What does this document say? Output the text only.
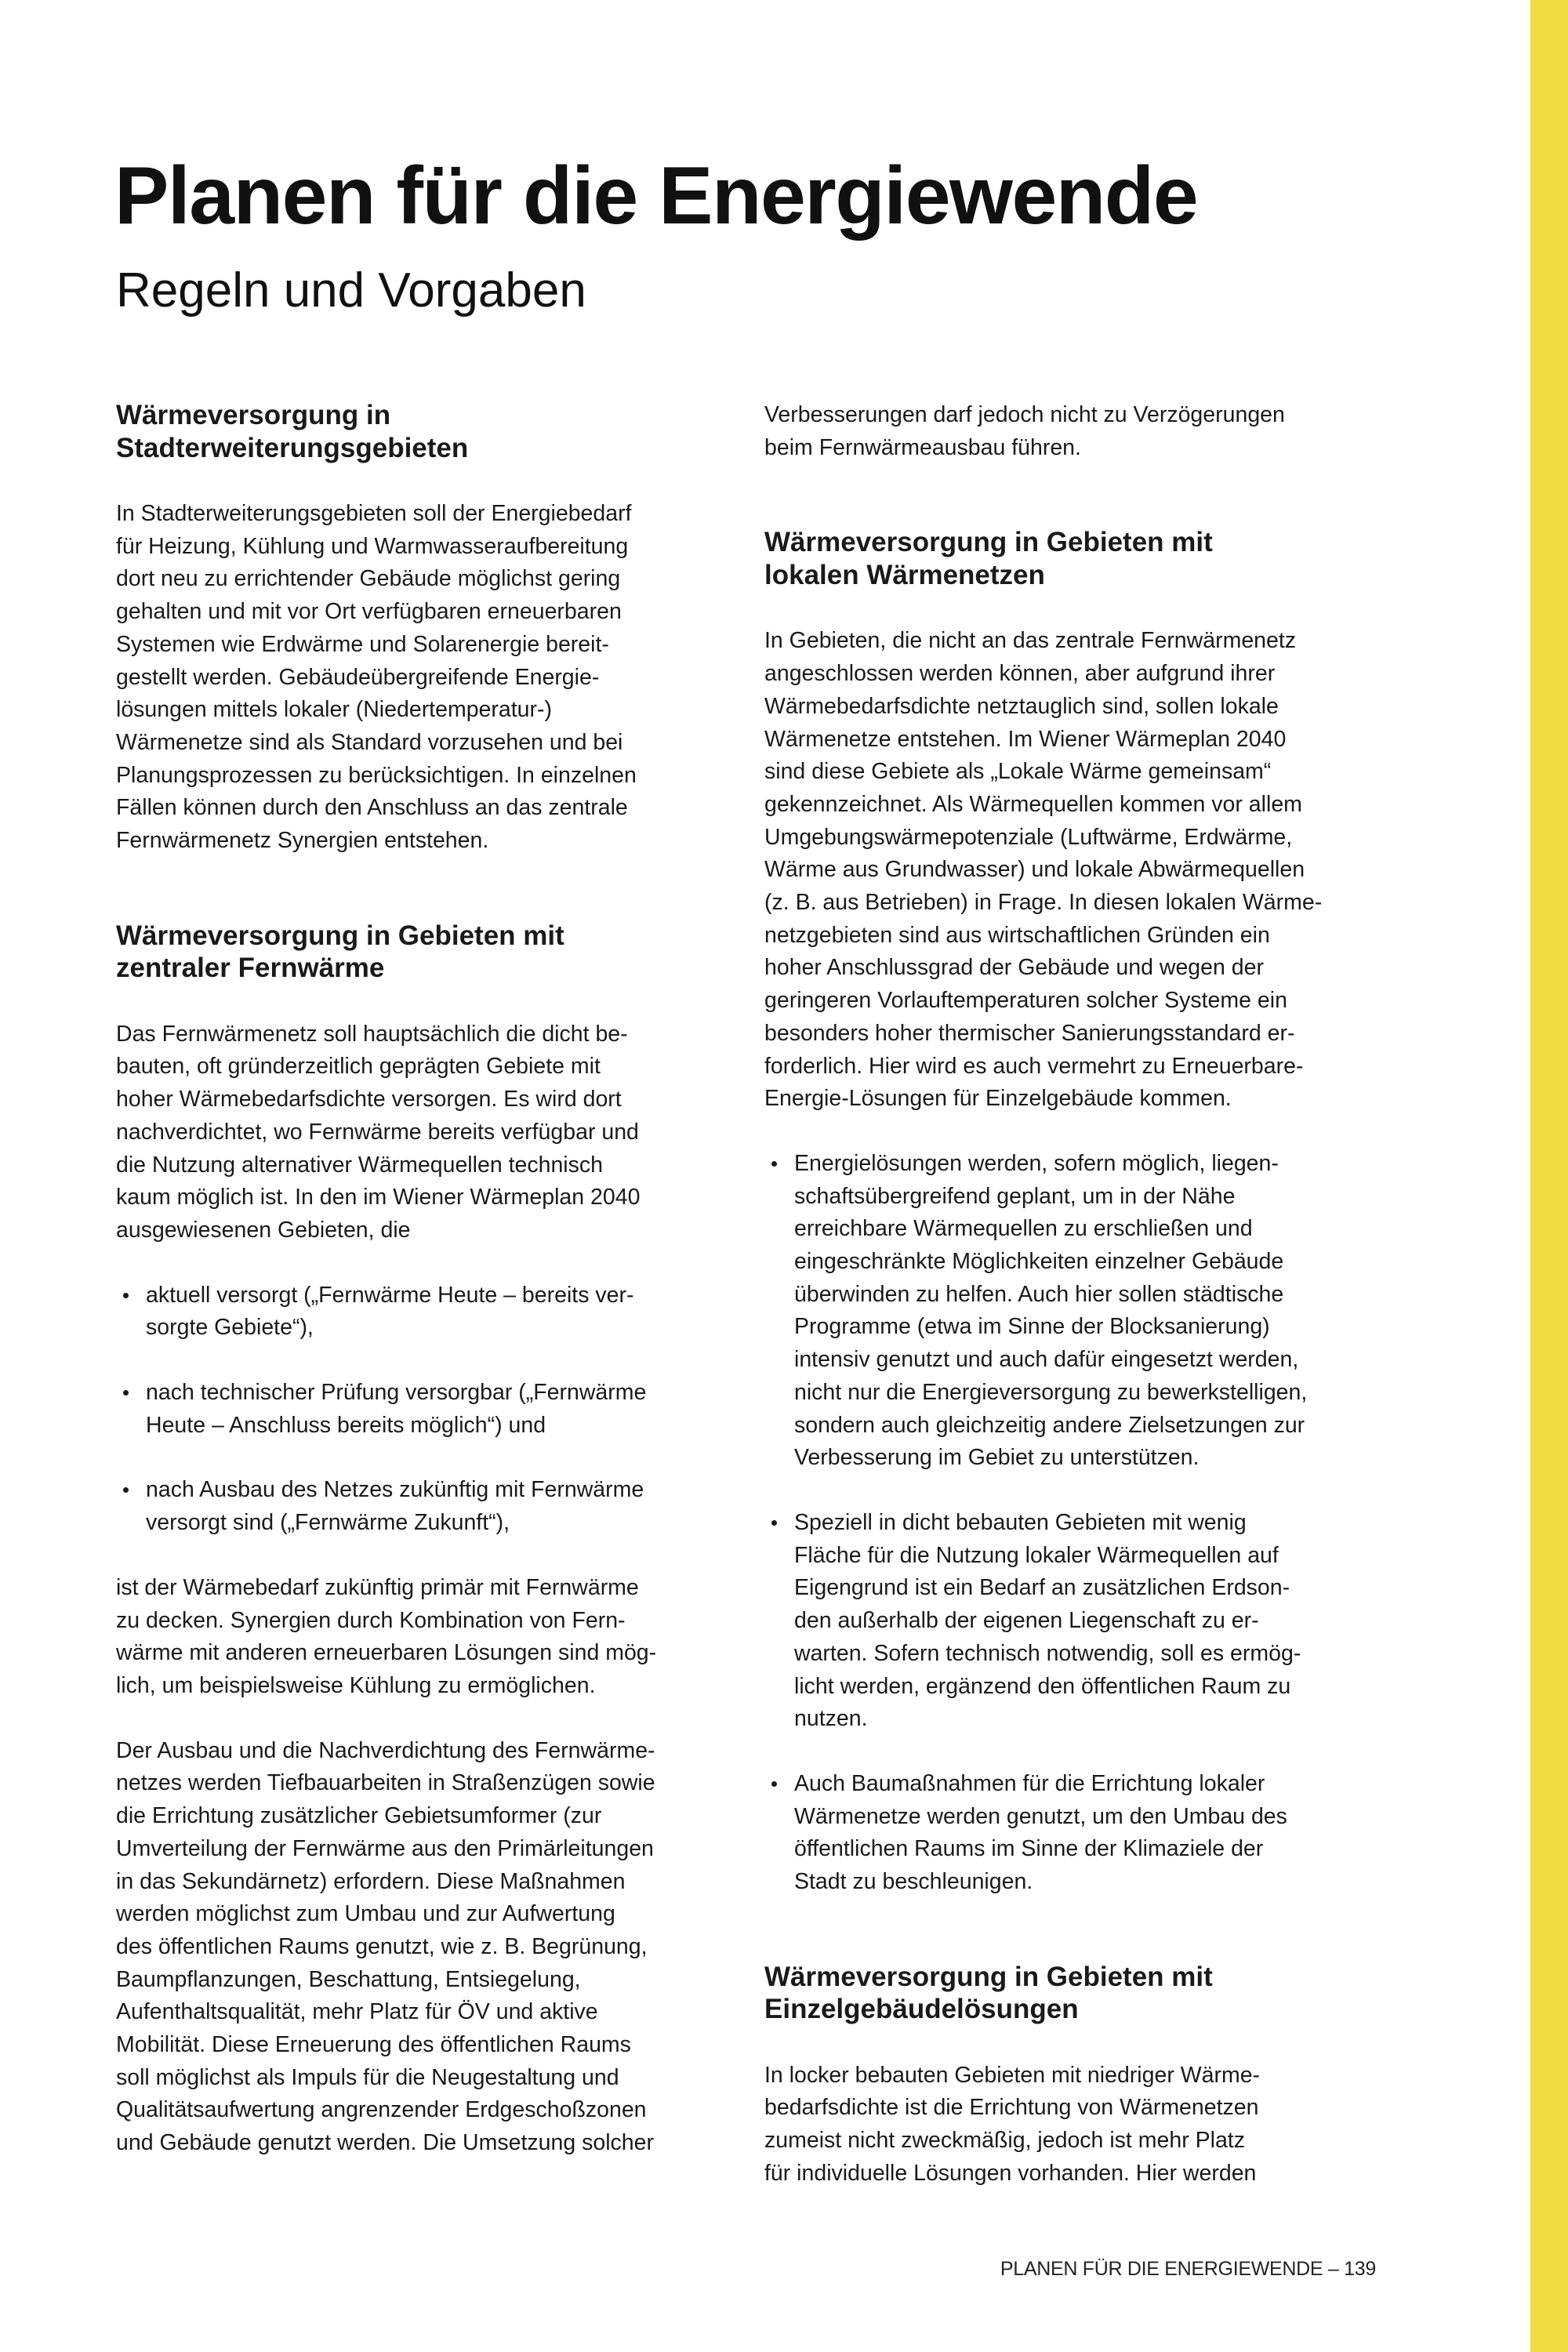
Planen für die Energiewende
Regeln und Vorgaben
Wärmeversorgung in
Stadterweiterungsgebieten
In Stadterweiterungsgebieten soll der Energiebedarf
für Heizung, Kühlung und Warmwasseraufbereitung
dort neu zu errichtender Gebäude möglichst gering
gehalten und mit vor Ort verfügbaren erneuerbaren
Systemen wie Erdwärme und Solarenergie bereit-
gestellt werden. Gebäudeübergreifende Energie-
lösungen mittels lokaler (Niedertemperatur-)
Wärmenetze sind als Standard vorzusehen und bei
Planungsprozessen zu berücksichtigen. In einzelnen
Fällen können durch den Anschluss an das zentrale
Fernwärmenetz Synergien entstehen.
Wärmeversorgung in Gebieten mit
zentraler Fernwärme
Das Fernwärmenetz soll hauptsächlich die dicht be-
bauten, oft gründerzeitlich geprägten Gebiete mit
hoher Wärmebedarfsdichte versorgen. Es wird dort
nachverdichtet, wo Fernwärme bereits verfügbar und
die Nutzung alternativer Wärmequellen technisch
kaum möglich ist. In den im Wiener Wärmeplan 2040
ausgewiesenen Gebieten, die
aktuell versorgt („Fernwärme Heute – bereits ver-
sorgte Gebiete“),
nach technischer Prüfung versorgbar („Fernwärme
Heute – Anschluss bereits möglich“) und
nach Ausbau des Netzes zukünftig mit Fernwärme
versorgt sind („Fernwärme Zukunft“),
ist der Wärmebedarf zukünftig primär mit Fernwärme
zu decken. Synergien durch Kombination von Fern-
wärme mit anderen erneuerbaren Lösungen sind mög-
lich, um beispielsweise Kühlung zu ermöglichen.
Der Ausbau und die Nachverdichtung des Fernwärme-
netzes werden Tiefbauarbeiten in Straßenzügen sowie
die Errichtung zusätzlicher Gebietsumformer (zur
Umverteilung der Fernwärme aus den Primärleitungen
in das Sekundärnetz) erfordern. Diese Maßnahmen
werden möglichst zum Umbau und zur Aufwertung
des öffentlichen Raums genutzt, wie z. B. Begrünung,
Baumpflanzungen, Beschattung, Entsiegelung,
Aufenthaltsqualität, mehr Platz für ÖV und aktive
Mobilität. Diese Erneuerung des öffentlichen Raums
soll möglichst als Impuls für die Neugestaltung und
Qualitätsaufwertung angrenzender Erdgeschoßzonen
und Gebäude genutzt werden. Die Umsetzung solcher
Verbesserungen darf jedoch nicht zu Verzögerungen
beim Fernwärmeausbau führen.
Wärmeversorgung in Gebieten mit
lokalen Wärmenetzen
In Gebieten, die nicht an das zentrale Fernwärmenetz
angeschlossen werden können, aber aufgrund ihrer
Wärmebedarfsdichte netztauglich sind, sollen lokale
Wärmenetze entstehen. Im Wiener Wärmeplan 2040
sind diese Gebiete als „Lokale Wärme gemeinsam“
gekennzeichnet. Als Wärmequellen kommen vor allem
Umgebungswärmepotenziale (Luftwärme, Erdwärme,
Wärme aus Grundwasser) und lokale Abwärmequellen
(z. B. aus Betrieben) in Frage. In diesen lokalen Wärme-
netzgebieten sind aus wirtschaftlichen Gründen ein
hoher Anschlussgrad der Gebäude und wegen der
geringeren Vorlauftemperaturen solcher Systeme ein
besonders hoher thermischer Sanierungsstandard er-
forderlich. Hier wird es auch vermehrt zu Erneuerbare-
Energie-Lösungen für Einzelgebäude kommen.
Energielösungen werden, sofern möglich, liegen-
schaftsübergreifend geplant, um in der Nähe
erreichbare Wärmequellen zu erschließen und
eingeschränkte Möglichkeiten einzelner Gebäude
überwinden zu helfen. Auch hier sollen städtische
Programme (etwa im Sinne der Blocksanierung)
intensiv genutzt und auch dafür eingesetzt werden,
nicht nur die Energieversorgung zu bewerkstelligen,
sondern auch gleichzeitig andere Zielsetzungen zur
Verbesserung im Gebiet zu unterstützen.
Speziell in dicht bebauten Gebieten mit wenig
Fläche für die Nutzung lokaler Wärmequellen auf
Eigengrund ist ein Bedarf an zusätzlichen Erdson-
den außerhalb der eigenen Liegenschaft zu er-
warten. Sofern technisch notwendig, soll es ermög-
licht werden, ergänzend den öffentlichen Raum zu
nutzen.
Auch Baumaßnahmen für die Errichtung lokaler
Wärmenetze werden genutzt, um den Umbau des
öffentlichen Raums im Sinne der Klimaziele der
Stadt zu beschleunigen.
Wärmeversorgung in Gebieten mit
Einzelgebäudelösungen
In locker bebauten Gebieten mit niedriger Wärme-
bedarfsdichte ist die Errichtung von Wärmenetzen
zumeist nicht zweckmäßig, jedoch ist mehr Platz
für individuelle Lösungen vorhanden. Hier werden
PLANEN FÜR DIE ENERGIEWENDE – 139
